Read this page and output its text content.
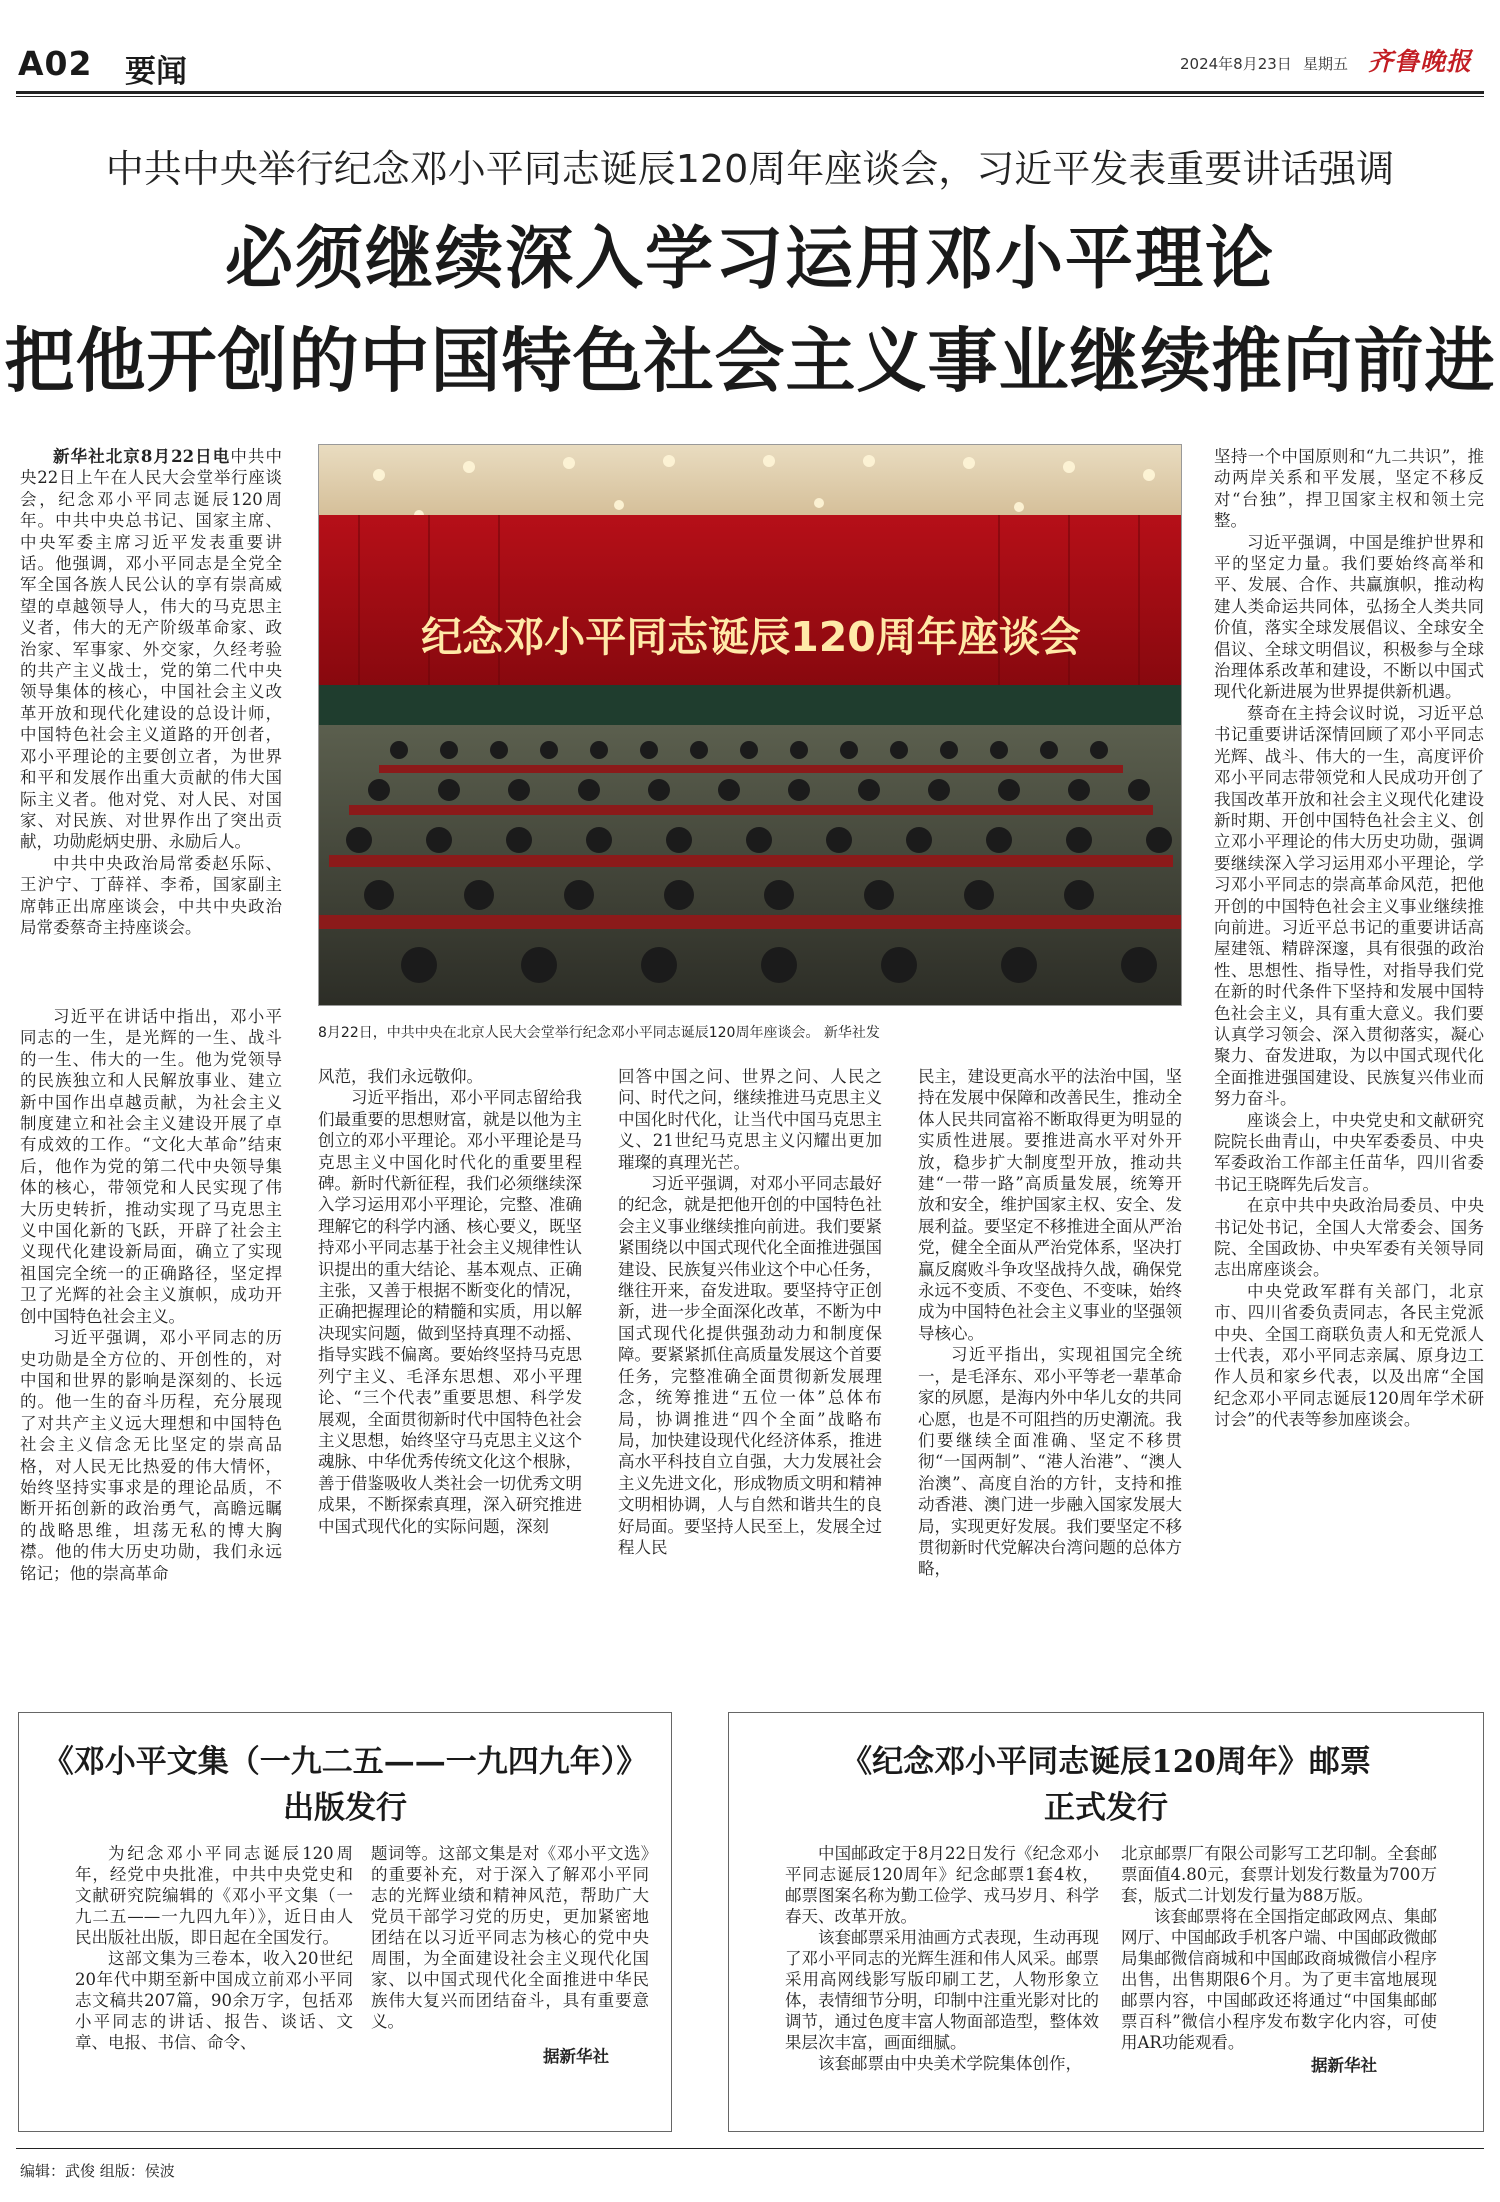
A02 要闻	2024年8月23日 星期五 齐鲁晚报
中共中央举行纪念邓小平同志诞辰120周年座谈会，习近平发表重要讲话强调
必须继续深入学习运用邓小平理论
把他开创的中国特色社会主义事业继续推向前进

新华社北京8月22日电中共中央22日上午在人民大会堂举行座谈会，纪念邓小平同志诞辰120周年。中共中央总书记、国家主席、中央军委主席习近平发表重要讲话。他强调，邓小平同志是全党全军全国各族人民公认的享有崇高威望的卓越领导人，伟大的马克思主义者，伟大的无产阶级革命家、政治家、军事家、外交家，久经考验的共产主义战士，党的第二代中央领导集体的核心，中国社会主义改革开放和现代化建设的总设计师，中国特色社会主义道路的开创者，邓小平理论的主要创立者，为世界和平和发展作出重大贡献的伟大国际主义者。他对党、对人民、对国家、对民族、对世界作出了突出贡献，功勋彪炳史册、永励后人。

中共中央政治局常委赵乐际、王沪宁、丁薛祥、李希，国家副主席韩正出席座谈会，中共中央政治局常委蔡奇主持座谈会。

纪念邓小平同志诞辰120周年座谈会
8月22日，中共中央在北京人民大会堂举行纪念邓小平同志诞辰120周年座谈会。 新华社发

坚持一个中国原则和“九二共识”，推动两岸关系和平发展，坚定不移反对“台独”，捍卫国家主权和领土完整。

习近平强调，中国是维护世界和平的坚定力量。我们要始终高举和平、发展、合作、共赢旗帜，推动构建人类命运共同体，弘扬全人类共同价值，落实全球发展倡议、全球安全倡议、全球文明倡议，积极参与全球治理体系改革和建设，不断以中国式现代化新进展为世界提供新机遇。

蔡奇在主持会议时说，习近平总书记重要讲话深情回顾了邓小平同志光辉、战斗、伟大的一生，高度评价邓小平同志带领党和人民成功开创了我国改革开放和社会主义现代化建设新时期、开创中国特色社会主义、创立邓小平理论的伟大历史功勋，强调要继续深入学习运用邓小平理论，学习邓小平同志的崇高革命风范，把他开创的中国特色社会主义事业继续推向前进。习近平总书记的重要讲话高屋建瓴、精辟深邃，具有很强的政治性、思想性、指导性，对指导我们党在新的时代条件下坚持和发展中国特色社会主义，具有重大意义。我们要认真学习领会、深入贯彻落实，凝心聚力、奋发进取，为以中国式现代化全面推进强国建设、民族复兴伟业而努力奋斗。

座谈会上，中央党史和文献研究院院长曲青山，中央军委委员、中央军委政治工作部主任苗华，四川省委书记王晓晖先后发言。

在京中共中央政治局委员、中央书记处书记，全国人大常委会、国务院、全国政协、中央军委有关领导同志出席座谈会。

中央党政军群有关部门，北京市、四川省委负责同志，各民主党派中央、全国工商联负责人和无党派人士代表，邓小平同志亲属、原身边工作人员和家乡代表，以及出席“全国纪念邓小平同志诞辰120周年学术研讨会”的代表等参加座谈会。

习近平在讲话中指出，邓小平同志的一生，是光辉的一生、战斗的一生、伟大的一生。他为党领导的民族独立和人民解放事业、建立新中国作出卓越贡献，为社会主义制度建立和社会主义建设开展了卓有成效的工作。“文化大革命”结束后，他作为党的第二代中央领导集体的核心，带领党和人民实现了伟大历史转折，推动实现了马克思主义中国化新的飞跃，开辟了社会主义现代化建设新局面，确立了实现祖国完全统一的正确路径，坚定捍卫了光辉的社会主义旗帜，成功开创中国特色社会主义。

习近平强调，邓小平同志的历史功勋是全方位的、开创性的，对中国和世界的影响是深刻的、长远的。他一生的奋斗历程，充分展现了对共产主义远大理想和中国特色社会主义信念无比坚定的崇高品格，对人民无比热爱的伟大情怀，始终坚持实事求是的理论品质，不断开拓创新的政治勇气，高瞻远瞩的战略思维，坦荡无私的博大胸襟。他的伟大历史功勋，我们永远铭记；他的崇高革命

风范，我们永远敬仰。

习近平指出，邓小平同志留给我们最重要的思想财富，就是以他为主创立的邓小平理论。邓小平理论是马克思主义中国化时代化的重要里程碑。新时代新征程，我们必须继续深入学习运用邓小平理论，完整、准确理解它的科学内涵、核心要义，既坚持邓小平同志基于社会主义规律性认识提出的重大结论、基本观点、正确主张，又善于根据不断变化的情况，正确把握理论的精髓和实质，用以解决现实问题，做到坚持真理不动摇、指导实践不偏离。要始终坚持马克思列宁主义、毛泽东思想、邓小平理论、“三个代表”重要思想、科学发展观，全面贯彻新时代中国特色社会主义思想，始终坚守马克思主义这个魂脉、中华优秀传统文化这个根脉，善于借鉴吸收人类社会一切优秀文明成果，不断探索真理，深入研究推进中国式现代化的实际问题，深刻

回答中国之问、世界之问、人民之问、时代之问，继续推进马克思主义中国化时代化，让当代中国马克思主义、21世纪马克思主义闪耀出更加璀璨的真理光芒。

习近平强调，对邓小平同志最好的纪念，就是把他开创的中国特色社会主义事业继续推向前进。我们要紧紧围绕以中国式现代化全面推进强国建设、民族复兴伟业这个中心任务，继往开来，奋发进取。要坚持守正创新，进一步全面深化改革，不断为中国式现代化提供强劲动力和制度保障。要紧紧抓住高质量发展这个首要任务，完整准确全面贯彻新发展理念，统筹推进“五位一体”总体布局，协调推进“四个全面”战略布局，加快建设现代化经济体系，推进高水平科技自立自强，大力发展社会主义先进文化，形成物质文明和精神文明相协调，人与自然和谐共生的良好局面。要坚持人民至上，发展全过程人民

民主，建设更高水平的法治中国，坚持在发展中保障和改善民生，推动全体人民共同富裕不断取得更为明显的实质性进展。要推进高水平对外开放，稳步扩大制度型开放，推动共建“一带一路”高质量发展，统筹开放和安全，维护国家主权、安全、发展利益。要坚定不移推进全面从严治党，健全全面从严治党体系，坚决打赢反腐败斗争攻坚战持久战，确保党永远不变质、不变色、不变味，始终成为中国特色社会主义事业的坚强领导核心。

习近平指出，实现祖国完全统一，是毛泽东、邓小平等老一辈革命家的夙愿，是海内外中华儿女的共同心愿，也是不可阻挡的历史潮流。我们要继续全面准确、坚定不移贯彻“一国两制”、“港人治港”、“澳人治澳”、高度自治的方针，支持和推动香港、澳门进一步融入国家发展大局，实现更好发展。我们要坚定不移贯彻新时代党解决台湾问题的总体方略，

《邓小平文集（一九二五——一九四九年）》
出版发行

为纪念邓小平同志诞辰120周年，经党中央批准，中共中央党史和文献研究院编辑的《邓小平文集（一九二五——一九四九年）》，近日由人民出版社出版，即日起在全国发行。

这部文集为三卷本，收入20世纪20年代中期至新中国成立前邓小平同志文稿共207篇，90余万字，包括邓小平同志的讲话、报告、谈话、文章、电报、书信、命令、

题词等。这部文集是对《邓小平文选》的重要补充，对于深入了解邓小平同志的光辉业绩和精神风范，帮助广大党员干部学习党的历史，更加紧密地团结在以习近平同志为核心的党中央周围，为全面建设社会主义现代化国家、以中国式现代化全面推进中华民族伟大复兴而团结奋斗，具有重要意义。

据新华社

《纪念邓小平同志诞辰120周年》邮票
正式发行

中国邮政定于8月22日发行《纪念邓小平同志诞辰120周年》纪念邮票1套4枚，邮票图案名称为勤工俭学、戎马岁月、科学春天、改革开放。

该套邮票采用油画方式表现，生动再现了邓小平同志的光辉生涯和伟人风采。邮票采用高网线影写版印刷工艺，人物形象立体，表情细节分明，印制中注重光影对比的调节，通过色度丰富人物面部造型，整体效果层次丰富，画面细腻。

该套邮票由中央美术学院集体创作，

北京邮票厂有限公司影写工艺印制。全套邮票面值4.80元，套票计划发行数量为700万套，版式二计划发行量为88万版。

该套邮票将在全国指定邮政网点、集邮网厅、中国邮政手机客户端、中国邮政微邮局集邮微信商城和中国邮政商城微信小程序出售，出售期限6个月。为了更丰富地展现邮票内容，中国邮政还将通过“中国集邮邮票百科”微信小程序发布数字化内容，可使用AR功能观看。

据新华社

编辑：武俊 组版：侯波
